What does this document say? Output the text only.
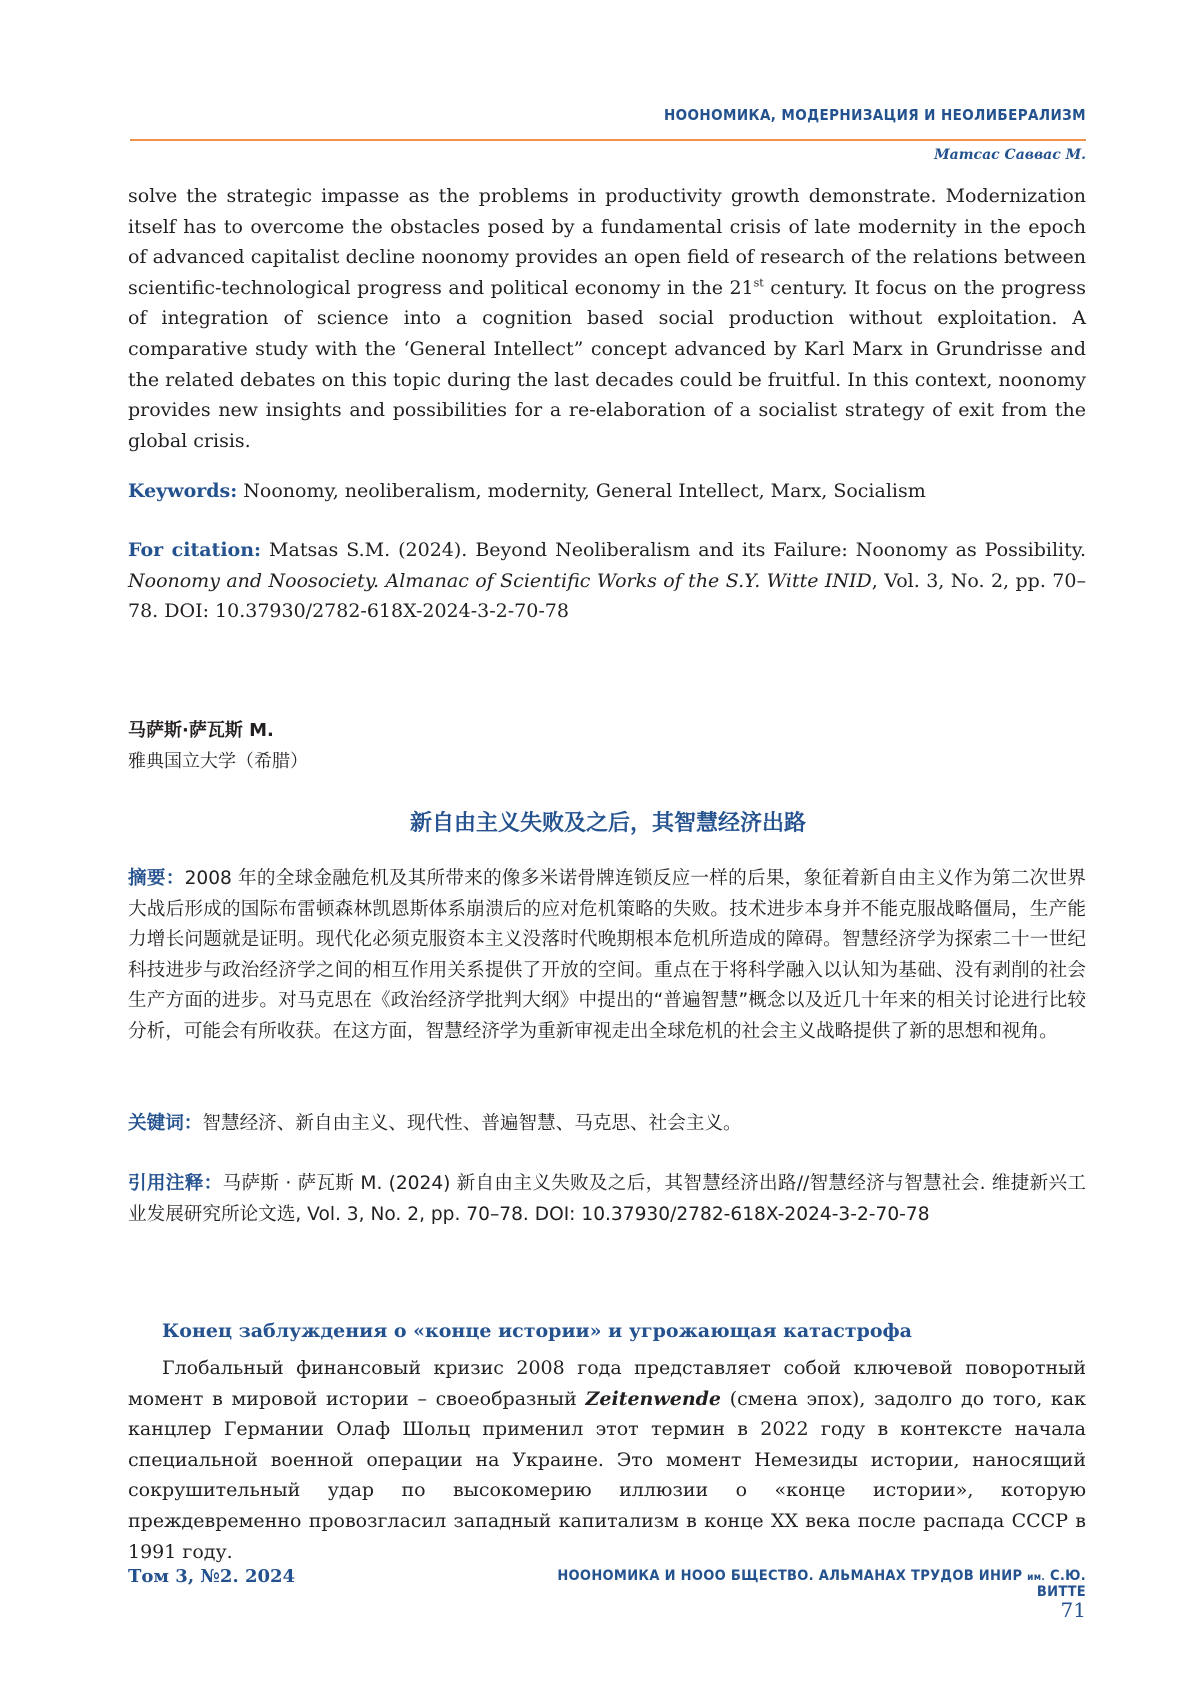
НООНОМИКА, МОДЕРНИЗАЦИЯ И НЕОЛИБЕРАЛИЗМ
Матсас Саввас М.
solve the strategic impasse as the problems in productivity growth demonstrate. Modernization itself has to overcome the obstacles posed by a fundamental crisis of late modernity in the epoch of advanced capitalist decline noonomy provides an open field of research of the relations between scientific-technological progress and political economy in the 21st century. It focus on the progress of integration of science into a cognition based social production without exploitation. A comparative study with the ‘General Intellect” concept advanced by Karl Marx in Grundrisse and the related debates on this topic during the last decades could be fruitful. In this context, noonomy provides new insights and possibilities for a re-elaboration of a socialist strategy of exit from the global crisis.
Keywords: Noonomy, neoliberalism, modernity, General Intellect, Marx, Socialism
For citation: Matsas S.M. (2024). Beyond Neoliberalism and its Failure: Noonomy as Possibility. Noonomy and Noosociety. Almanac of Scientific Works of the S.Y. Witte INID, Vol. 3, No. 2, pp. 70–78. DOI: 10.37930/2782-618X-2024-3-2-70-78
马萨斯·萨瓦斯 M.
雅典国立大学（希腊）
新自由主义失败及之后，其智慧经济出路
摘要：2008 年的全球金融危机及其所带来的像多米诺骨牌连锁反应一样的后果，象征着新自由主义作为第二次世界大战后形成的国际布雷顿森林凯恩斯体系崩溃后的应对危机策略的失败。技术进步本身并不能克服战略僵局，生产能力增长问题就是证明。现代化必须克服资本主义没落时代晚期根本危机所造成的障碍。智慧经济学为探索二十一世纪科技进步与政治经济学之间的相互作用关系提供了开放的空间。重点在于将科学融入以认知为基础、没有剥削的社会生产方面的进步。对马克思在《政治经济学批判大纲》中提出的“普遍智慧”概念以及近几十年来的相关讨论进行比较分析，可能会有所收获。在这方面，智慧经济学为重新审视走出全球危机的社会主义战略提供了新的思想和视角。
关键词：智慧经济、新自由主义、现代性、普遍智慧、马克思、社会主义。
引用注释：马萨斯 · 萨瓦斯 M. (2024) 新自由主义失败及之后，其智慧经济出路//智慧经济与智慧社会. 维捷新兴工业发展研究所论文选, Vol. 3, No. 2, pp. 70–78. DOI: 10.37930/2782-618X-2024-3-2-70-78
Конец заблуждения о «конце истории» и угрожающая катастрофа
Глобальный финансовый кризис 2008 года представляет собой ключевой поворотный момент в мировой истории – своеобразный Zeitenwende (смена эпох), задолго до того, как канцлер Германии Олаф Шольц применил этот термин в 2022 году в контексте начала специальной военной операции на Украине. Это момент Немезиды истории, наносящий сокрушительный удар по высокомерию иллюзии о «конце истории», которую преждевременно провозгласил западный капитализм в конце XX века после распада СССР в 1991 году.
Том 3, №2. 2024	НООНОМИКА И НООО БЩЕСТВО. АЛЬМАНАХ ТРУДОВ ИНИР им. С.Ю. ВИТТЕ
71
